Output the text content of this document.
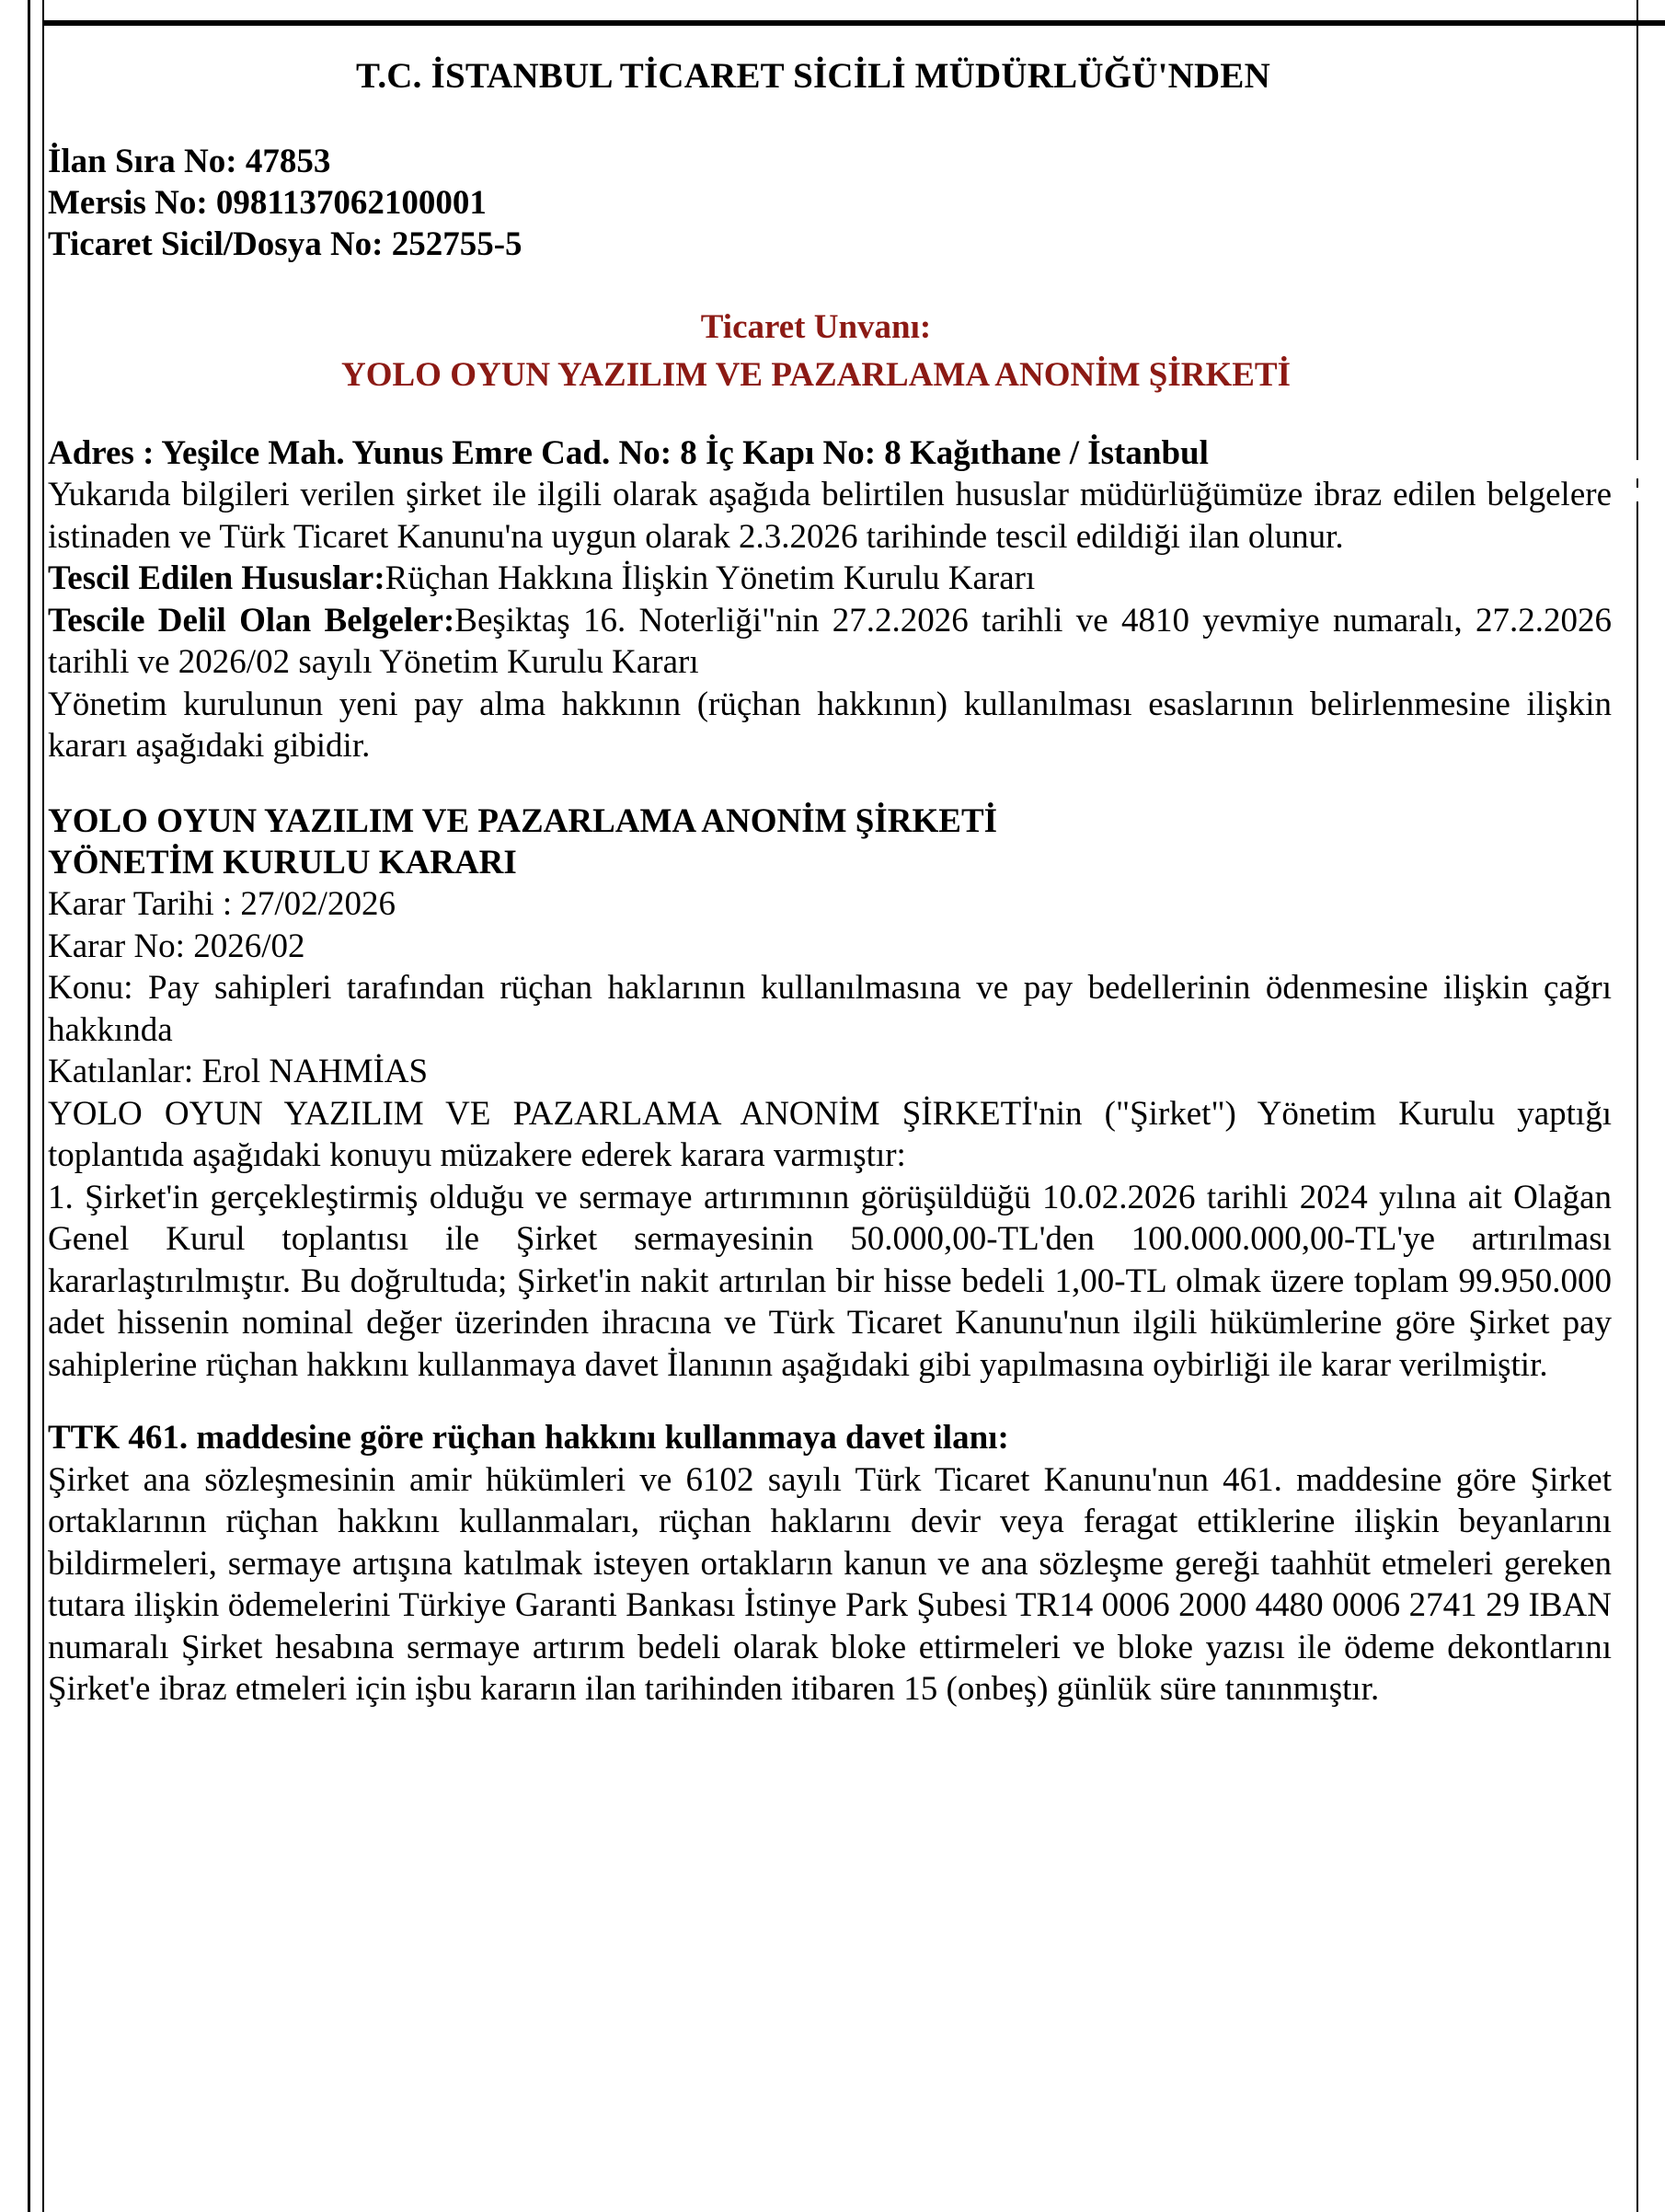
T.C. İSTANBUL TİCARET SİCİLİ MÜDÜRLÜĞÜ'NDEN
İlan Sıra No: 47853
Mersis No: 0981137062100001
Ticaret Sicil/Dosya No: 252755-5
Ticaret Unvanı:
YOLO OYUN YAZILIM VE PAZARLAMA ANONİM ŞİRKETİ
Adres : Yeşilce Mah. Yunus Emre Cad. No: 8 İç Kapı No: 8 Kağıthane / İstanbul

Yukarıda bilgileri verilen şirket ile ilgili olarak aşağıda belirtilen hususlar müdürlüğümüze ibraz edilen belgelere istinaden ve Türk Ticaret Kanunu'na uygun olarak 2.3.2026 tarihinde tescil edildiği ilan olunur.

Tescil Edilen Hususlar:Rüçhan Hakkına İlişkin Yönetim Kurulu Kararı

Tescile Delil Olan Belgeler:Beşiktaş 16. Noterliği"nin 27.2.2026 tarihli ve 4810 yevmiye numaralı, 27.2.2026 tarihli ve 2026/02 sayılı Yönetim Kurulu Kararı

Yönetim kurulunun yeni pay alma hakkının (rüçhan hakkının) kullanılması esaslarının belirlenmesine ilişkin kararı aşağıdaki gibidir.

YOLO OYUN YAZILIM VE PAZARLAMA ANONİM ŞİRKETİ
YÖNETİM KURULU KARARI
Karar Tarihi : 27/02/2026
Karar No: 2026/02

Konu: Pay sahipleri tarafından rüçhan haklarının kullanılmasına ve pay bedellerinin ödenmesine ilişkin çağrı hakkında

Katılanlar: Erol NAHMİAS

YOLO OYUN YAZILIM VE PAZARLAMA ANONİM ŞİRKETİ'nin ("Şirket") Yönetim Kurulu yaptığı toplantıda aşağıdaki konuyu müzakere ederek karara varmıştır:

1. Şirket'in gerçekleştirmiş olduğu ve sermaye artırımının görüşüldüğü 10.02.2026 tarihli 2024 yılına ait Olağan Genel Kurul toplantısı ile Şirket sermayesinin 50.000,00-TL'den 100.000.000,00-TL'ye artırılması kararlaştırılmıştır. Bu doğrultuda; Şirket'in nakit artırılan bir hisse bedeli 1,00-TL olmak üzere toplam 99.950.000 adet hissenin nominal değer üzerinden ihracına ve Türk Ticaret Kanunu'nun ilgili hükümlerine göre Şirket pay sahiplerine rüçhan hakkını kullanmaya davet İlanının aşağıdaki gibi yapılmasına oybirliği ile karar verilmiştir.

TTK 461. maddesine göre rüçhan hakkını kullanmaya davet ilanı:

Şirket ana sözleşmesinin amir hükümleri ve 6102 sayılı Türk Ticaret Kanunu'nun 461. maddesine göre Şirket ortaklarının rüçhan hakkını kullanmaları, rüçhan haklarını devir veya feragat ettiklerine ilişkin beyanlarını bildirmeleri, sermaye artışına katılmak isteyen ortakların kanun ve ana sözleşme gereği taahhüt etmeleri gereken tutara ilişkin ödemelerini Türkiye Garanti Bankası İstinye Park Şubesi TR14 0006 2000 4480 0006 2741 29 IBAN numaralı Şirket hesabına sermaye artırım bedeli olarak bloke ettirmeleri ve bloke yazısı ile ödeme dekontlarını Şirket'e ibraz etmeleri için işbu kararın ilan tarihinden itibaren 15 (onbeş) günlük süre tanınmıştır.
